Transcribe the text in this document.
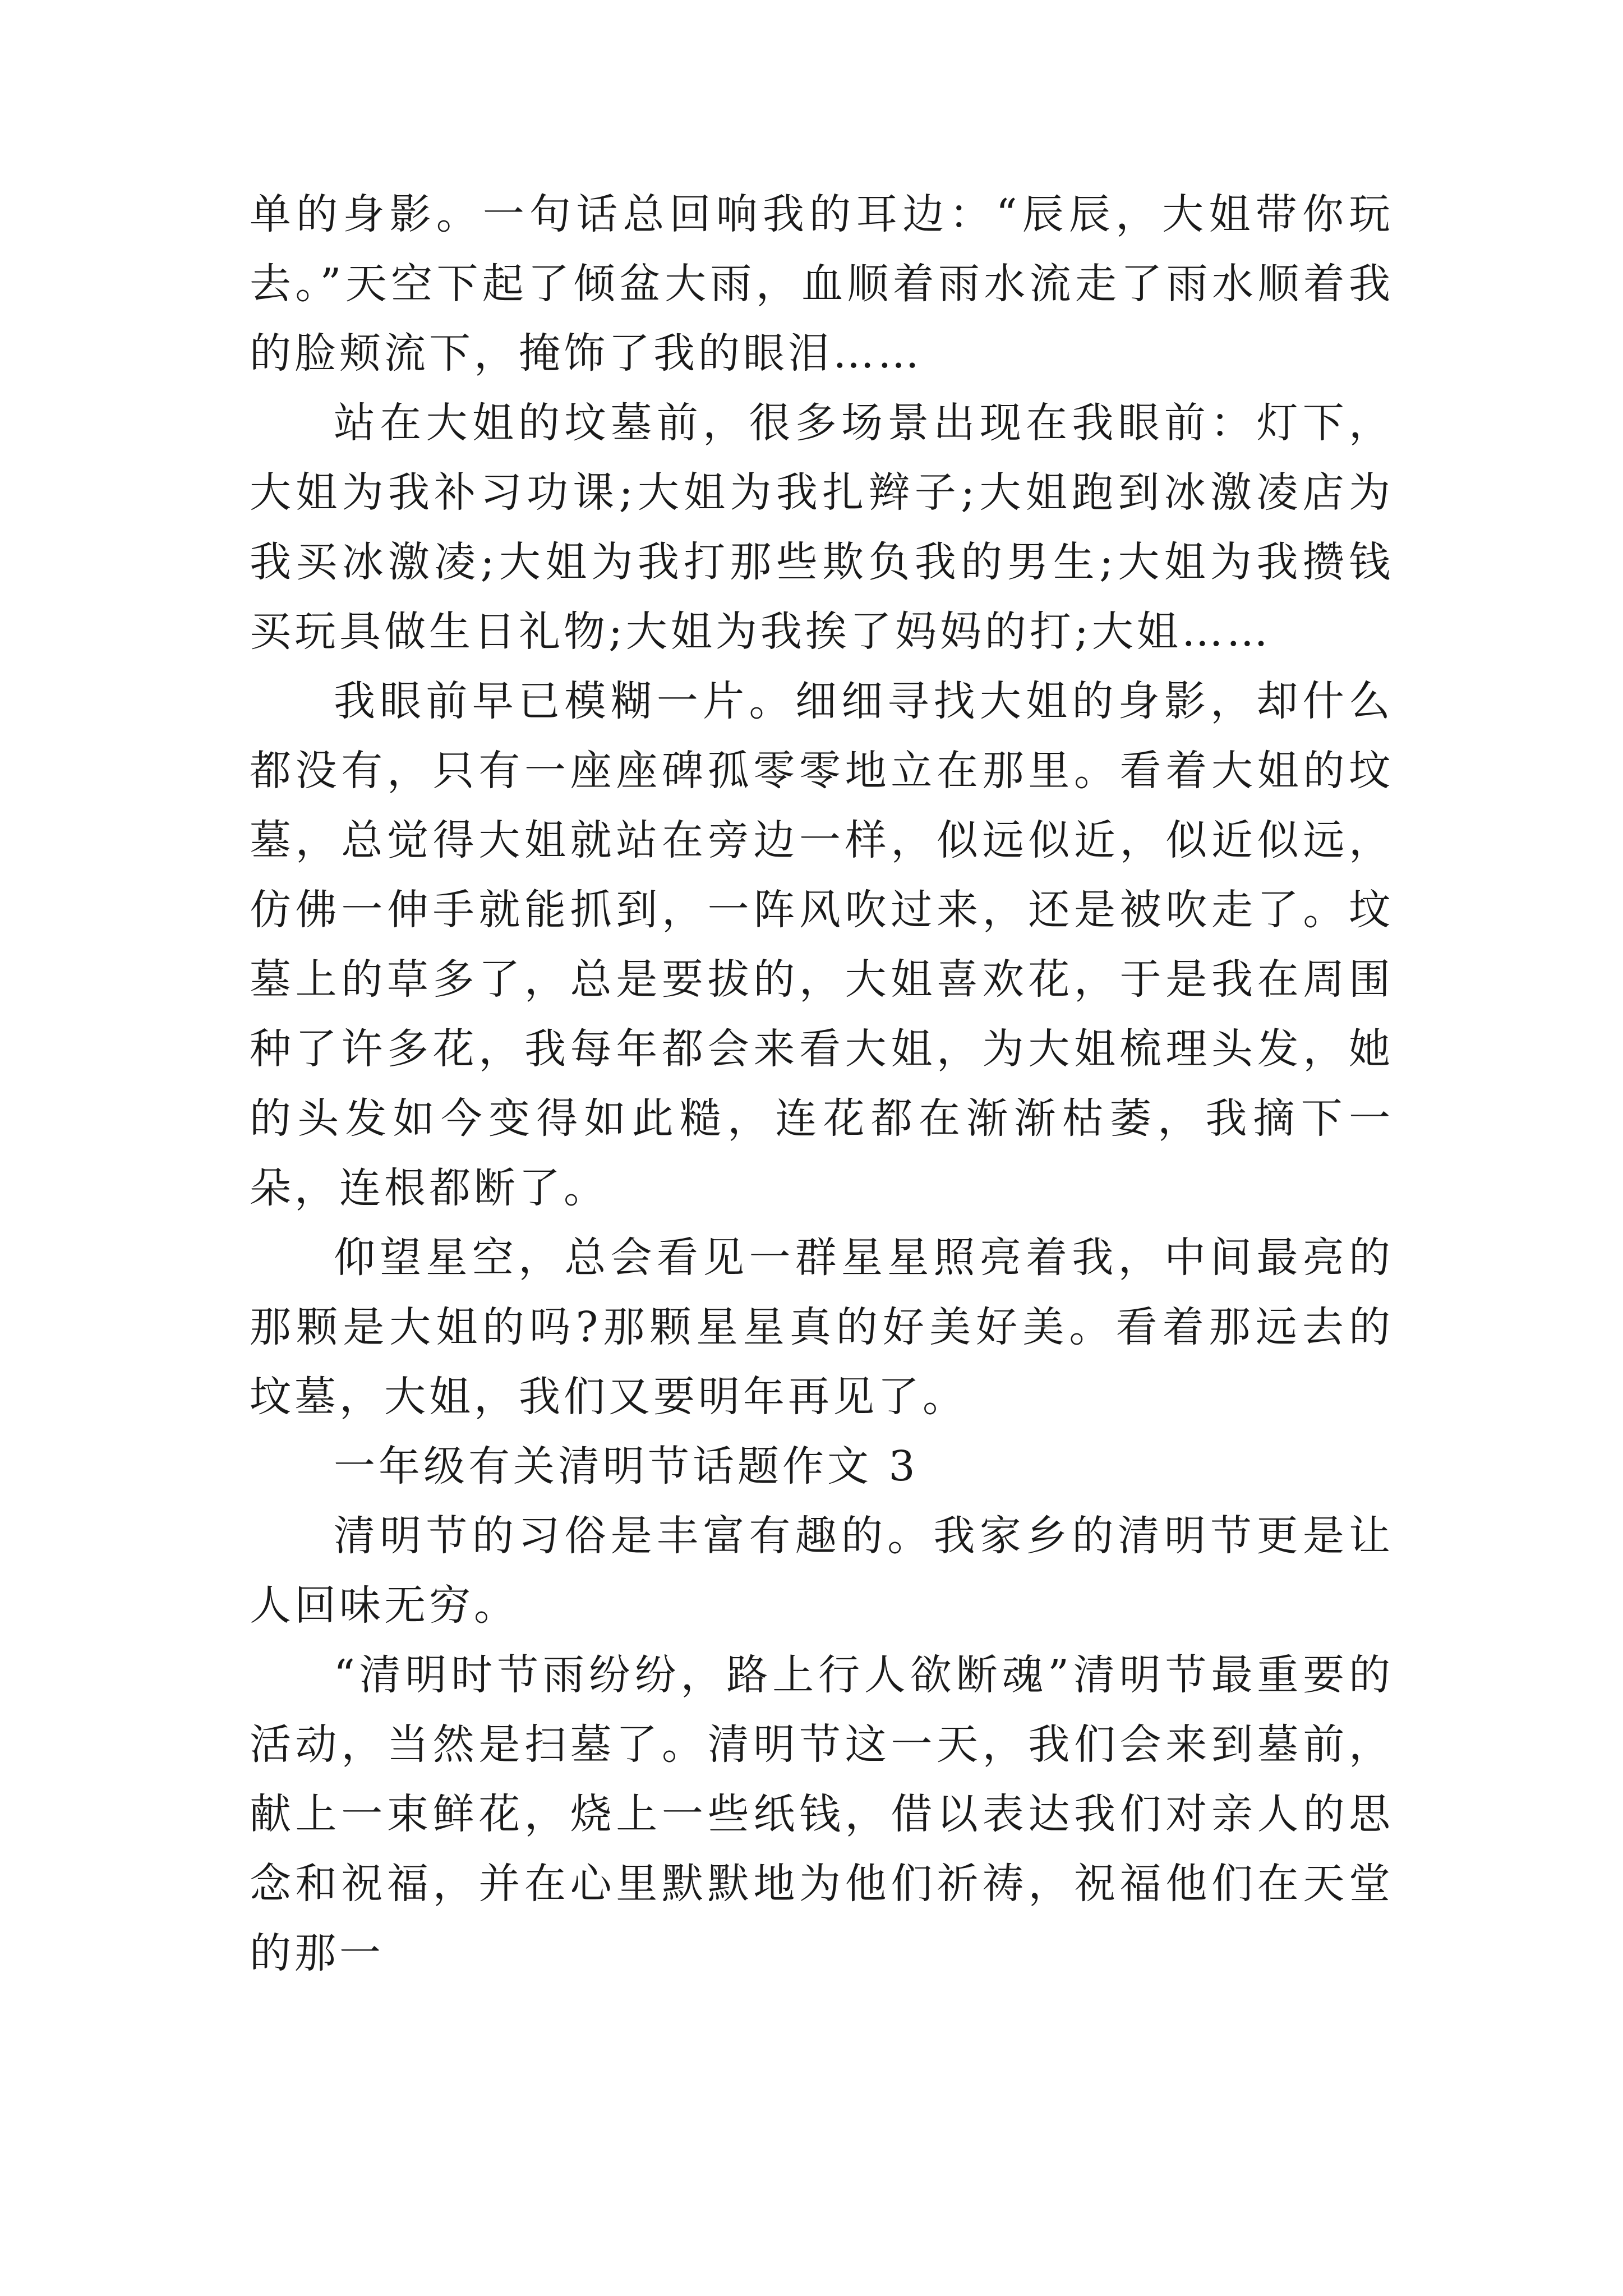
单的身影。一句话总回响我的耳边：“辰辰，大姐带你玩去。”天空下起了倾盆大雨，血顺着雨水流走了雨水顺着我的脸颊流下，掩饰了我的眼泪……

站在大姐的坟墓前，很多场景出现在我眼前：灯下，大姐为我补习功课;大姐为我扎辫子;大姐跑到冰激凌店为我买冰激凌;大姐为我打那些欺负我的男生;大姐为我攒钱买玩具做生日礼物;大姐为我挨了妈妈的打;大姐……

我眼前早已模糊一片。细细寻找大姐的身影，却什么都没有，只有一座座碑孤零零地立在那里。看着大姐的坟墓，总觉得大姐就站在旁边一样，似远似近，似近似远，仿佛一伸手就能抓到，一阵风吹过来，还是被吹走了。坟墓上的草多了，总是要拔的，大姐喜欢花，于是我在周围种了许多花，我每年都会来看大姐，为大姐梳理头发，她的头发如今变得如此糙，连花都在渐渐枯萎，我摘下一朵，连根都断了。

仰望星空，总会看见一群星星照亮着我，中间最亮的那颗是大姐的吗?那颗星星真的好美好美。看着那远去的坟墓，大姐，我们又要明年再见了。

一年级有关清明节话题作文 3

清明节的习俗是丰富有趣的。我家乡的清明节更是让人回味无穷。

“清明时节雨纷纷，路上行人欲断魂”清明节最重要的活动，当然是扫墓了。清明节这一天，我们会来到墓前，献上一束鲜花，烧上一些纸钱，借以表达我们对亲人的思念和祝福，并在心里默默地为他们祈祷，祝福他们在天堂的那一
